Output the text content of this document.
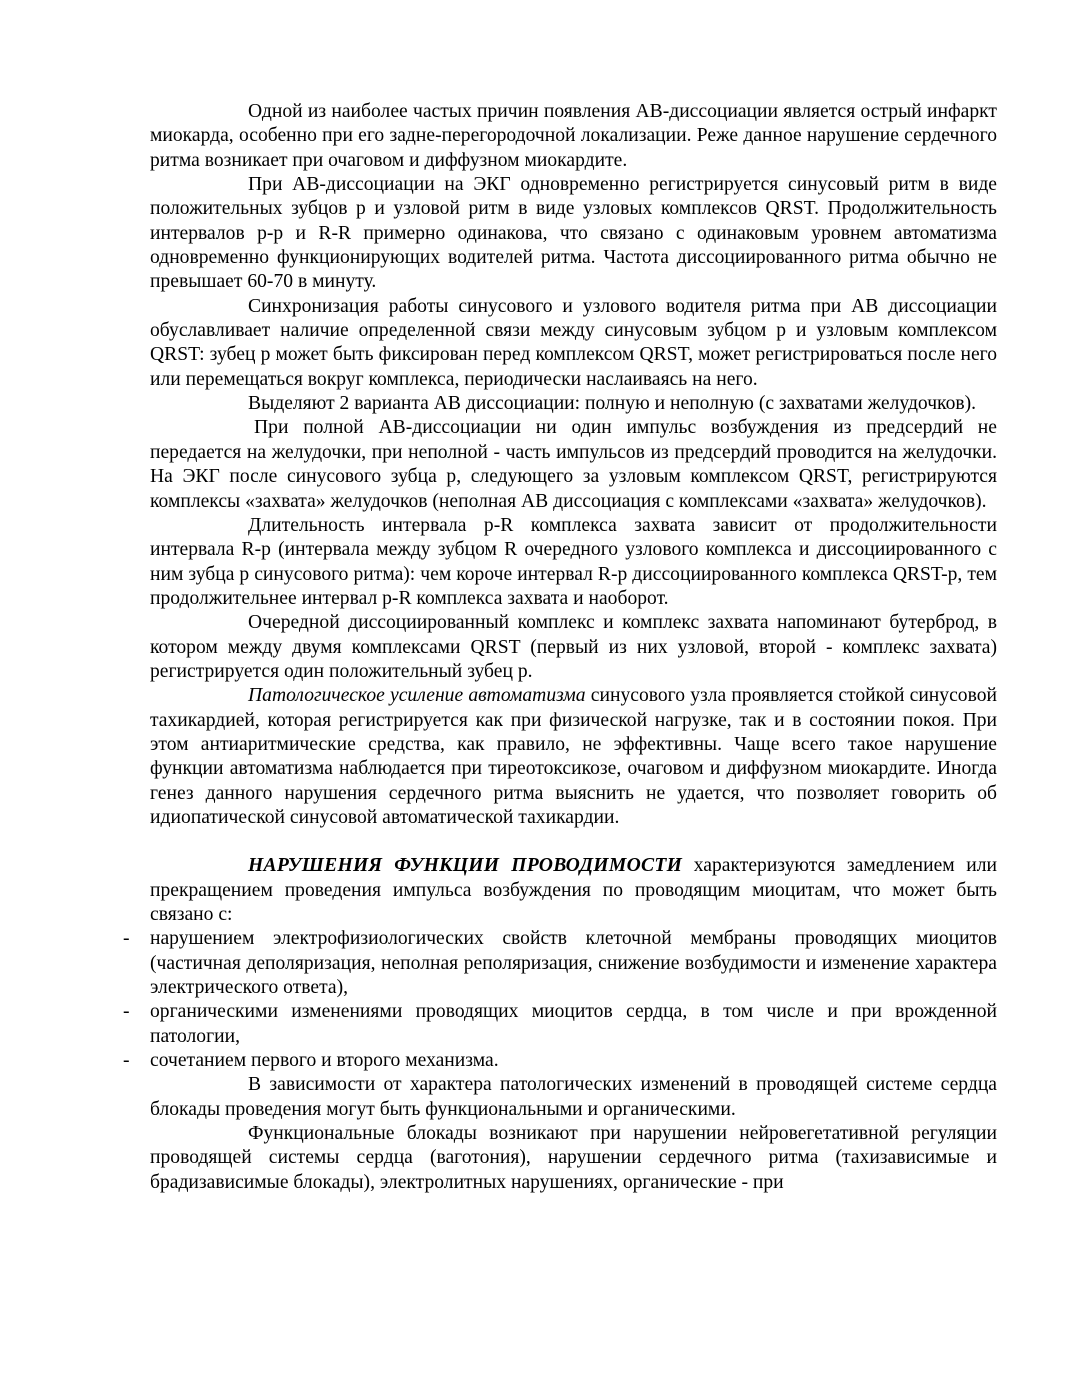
Одной из наиболее частых причин появления АВ-диссоциации является острый инфаркт миокарда, особенно при его задне-перегородочной локализации. Реже данное нарушение сердечного ритма возникает при очаговом и диффузном миокардите.

При АВ-диссоциации на ЭКГ одновременно регистрируется синусовый ритм в виде положительных зубцов р и узловой ритм в виде узловых комплексов QRST. Продолжительность интервалов р-р и R-R примерно одинакова, что связано с одинаковым уровнем автоматизма одновременно функционирующих водителей ритма. Частота диссоциированного ритма обычно не превышает 60-70 в минуту.

Синхронизация работы синусового и узлового водителя ритма при АВ диссоциации обуславливает наличие определенной связи между синусовым зубцом р и узловым комплексом QRST: зубец р может быть фиксирован перед комплексом QRST, может регистрироваться после него или перемещаться вокруг комплекса, периодически наслаиваясь на него.

Выделяют 2 варианта АВ диссоциации: полную и неполную (с захватами желудочков).

При полной АВ-диссоциации ни один импульс возбуждения из предсердий не передается на желудочки, при неполной - часть импульсов из предсердий проводится на желудочки. На ЭКГ после синусового зубца р, следующего за узловым комплексом QRST, регистрируются комплексы «захвата» желудочков (неполная АВ диссоциация с комплексами «захвата» желудочков).

Длительность интервала р-R комплекса захвата зависит от продолжительности интервала R-р (интервала между зубцом R очередного узлового комплекса и диссоциированного с ним зубца р синусового ритма): чем короче интервал R-р диссоциированного комплекса QRST-р, тем продолжительнее интервал р-R комплекса захвата и наоборот.

Очередной диссоциированный комплекс и комплекс захвата напоминают бутерброд, в котором между двумя комплексами QRST (первый из них узловой, второй - комплекс захвата) регистрируется один положительный зубец р.

Патологическое усиление автоматизма синусового узла проявляется стойкой синусовой тахикардией, которая регистрируется как при физической нагрузке, так и в состоянии покоя. При этом антиаритмические средства, как правило, не эффективны. Чаще всего такое нарушение функции автоматизма наблюдается при тиреотоксикозе, очаговом и диффузном миокардите. Иногда генез данного нарушения сердечного ритма выяснить не удается, что позволяет говорить об идиопатической синусовой автоматической тахикардии.

НАРУШЕНИЯ ФУНКЦИИ ПРОВОДИМОСТИ характеризуются замедлением или прекращением проведения импульса возбуждения по проводящим миоцитам, что может быть связано с:

- нарушением электрофизиологических свойств клеточной мембраны проводящих миоцитов (частичная деполяризация, неполная реполяризация, снижение возбудимости и изменение характера электрического ответа),
- органическими изменениями проводящих миоцитов сердца, в том числе и при врожденной патологии,
- сочетанием первого и второго механизма.

В зависимости от характера патологических изменений в проводящей системе сердца блокады проведения могут быть функциональными и органическими.

Функциональные блокады возникают при нарушении нейровегетативной регуляции проводящей системы сердца (ваготония), нарушении сердечного ритма (тахизависимые и брадизависимые блокады), электролитных нарушениях, органические - при
